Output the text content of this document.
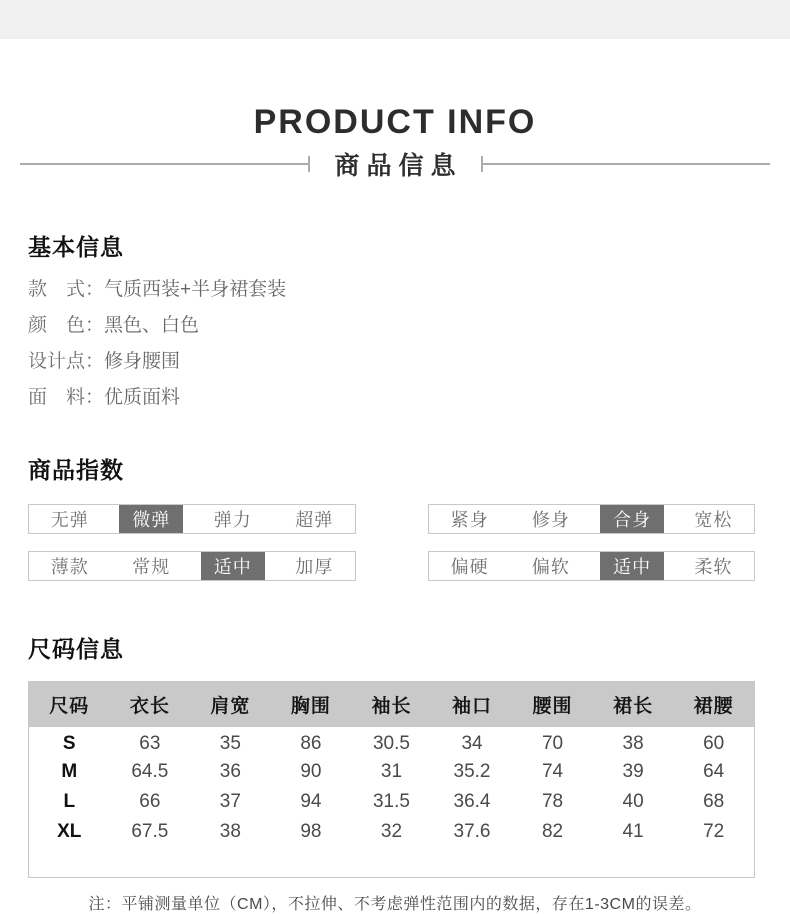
PRODUCT INFO
商品信息
基本信息
款　式：气质西装+半身裙套装
颜　色：黑色、白色
设计点：修身腰围
面　料：优质面料
商品指数
无弹	微弹	弹力 超弹	紧身 修身	合身	宽松
薄款 常规	适中	加厚	偏硬 偏软	适中	柔软
尺码信息
尺码	衣长	肩宽	胸围	袖长	袖口	腰围	裙长	裙腰
S	63	35	86	30.5	34	70	38	60
M	64.5	36	90	31	35.2	74	39	64
L	66	37	94	31.5	36.4	78	40	68
XL	67.5	38	98	32	37.6	82	41	72

注：平铺测量单位（CM），不拉伸、不考虑弹性范围内的数据，存在1-3CM的误差。
